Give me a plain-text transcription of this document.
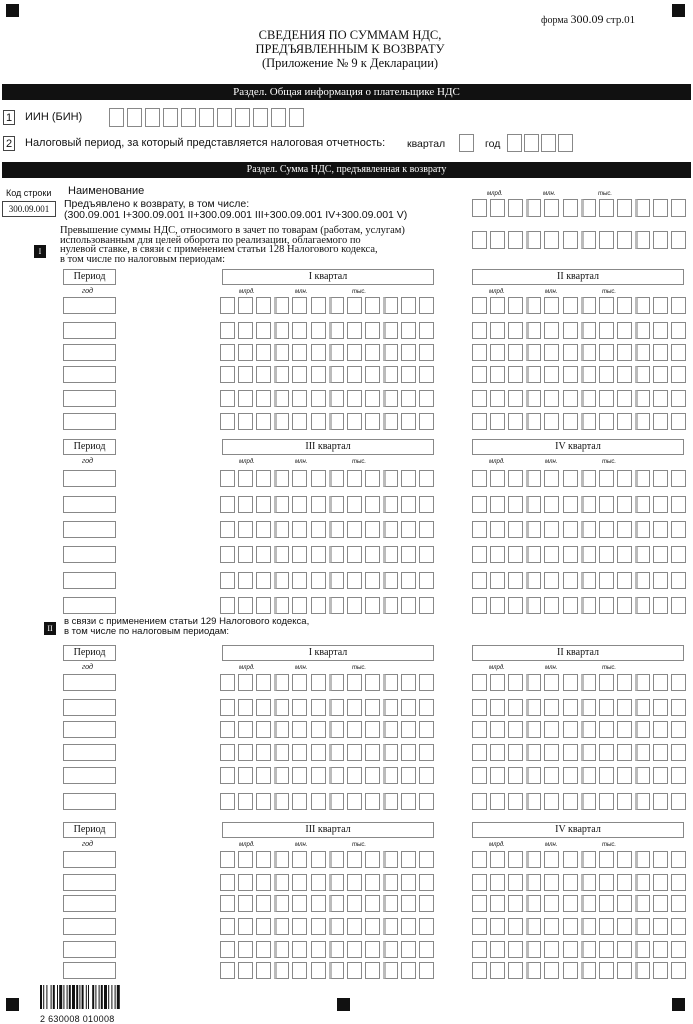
форма 300.09 стр.01
СВЕДЕНИЯ ПО СУММАМ НДС,
ПРЕДЪЯВЛЕННЫМ К ВОЗВРАТУ
(Приложение № 9 к Декларации)
Раздел. Общая информация о плательщике НДС
1 ИИН (БИН)
2 Налоговый период, за который представляется налоговая отчетность: квартал	год
Раздел. Сумма НДС, предъявленная к возврату
Код строки Наименование
300.09.001	Предъявлено к возврату, в том числе:
(300.09.001 I+300.09.001 II+300.09.001 III+300.09.001 IV+300.09.001 V)
млрд.	млн.	тыс.
Превышение суммы НДС, относимого в зачет по товарам (работам, услугам)
использованным для целей оборота по реализации, облагаемого по
нулевой ставке, в связи с применением статьи 128 Налогового кодекса,
в том числе по налоговым периодам:
I
в связи с применением статьи 129 Налогового кодекса,
в том числе по налоговым периодам:
II
2 630008 010008
Период
год
I квартал
млрд.	млн.	тыс.
II квартал
млрд.	млн.	тыс.
Период
год
III квартал
млрд.	млн.	тыс.
IV квартал
млрд.	млн.	тыс.
Период
год
I квартал
млрд.	млн.	тыс.
II квартал
млрд.	млн.	тыс.
Период
год
III квартал
млрд.	млн.	тыс.
IV квартал
млрд.	млн.	тыс.
